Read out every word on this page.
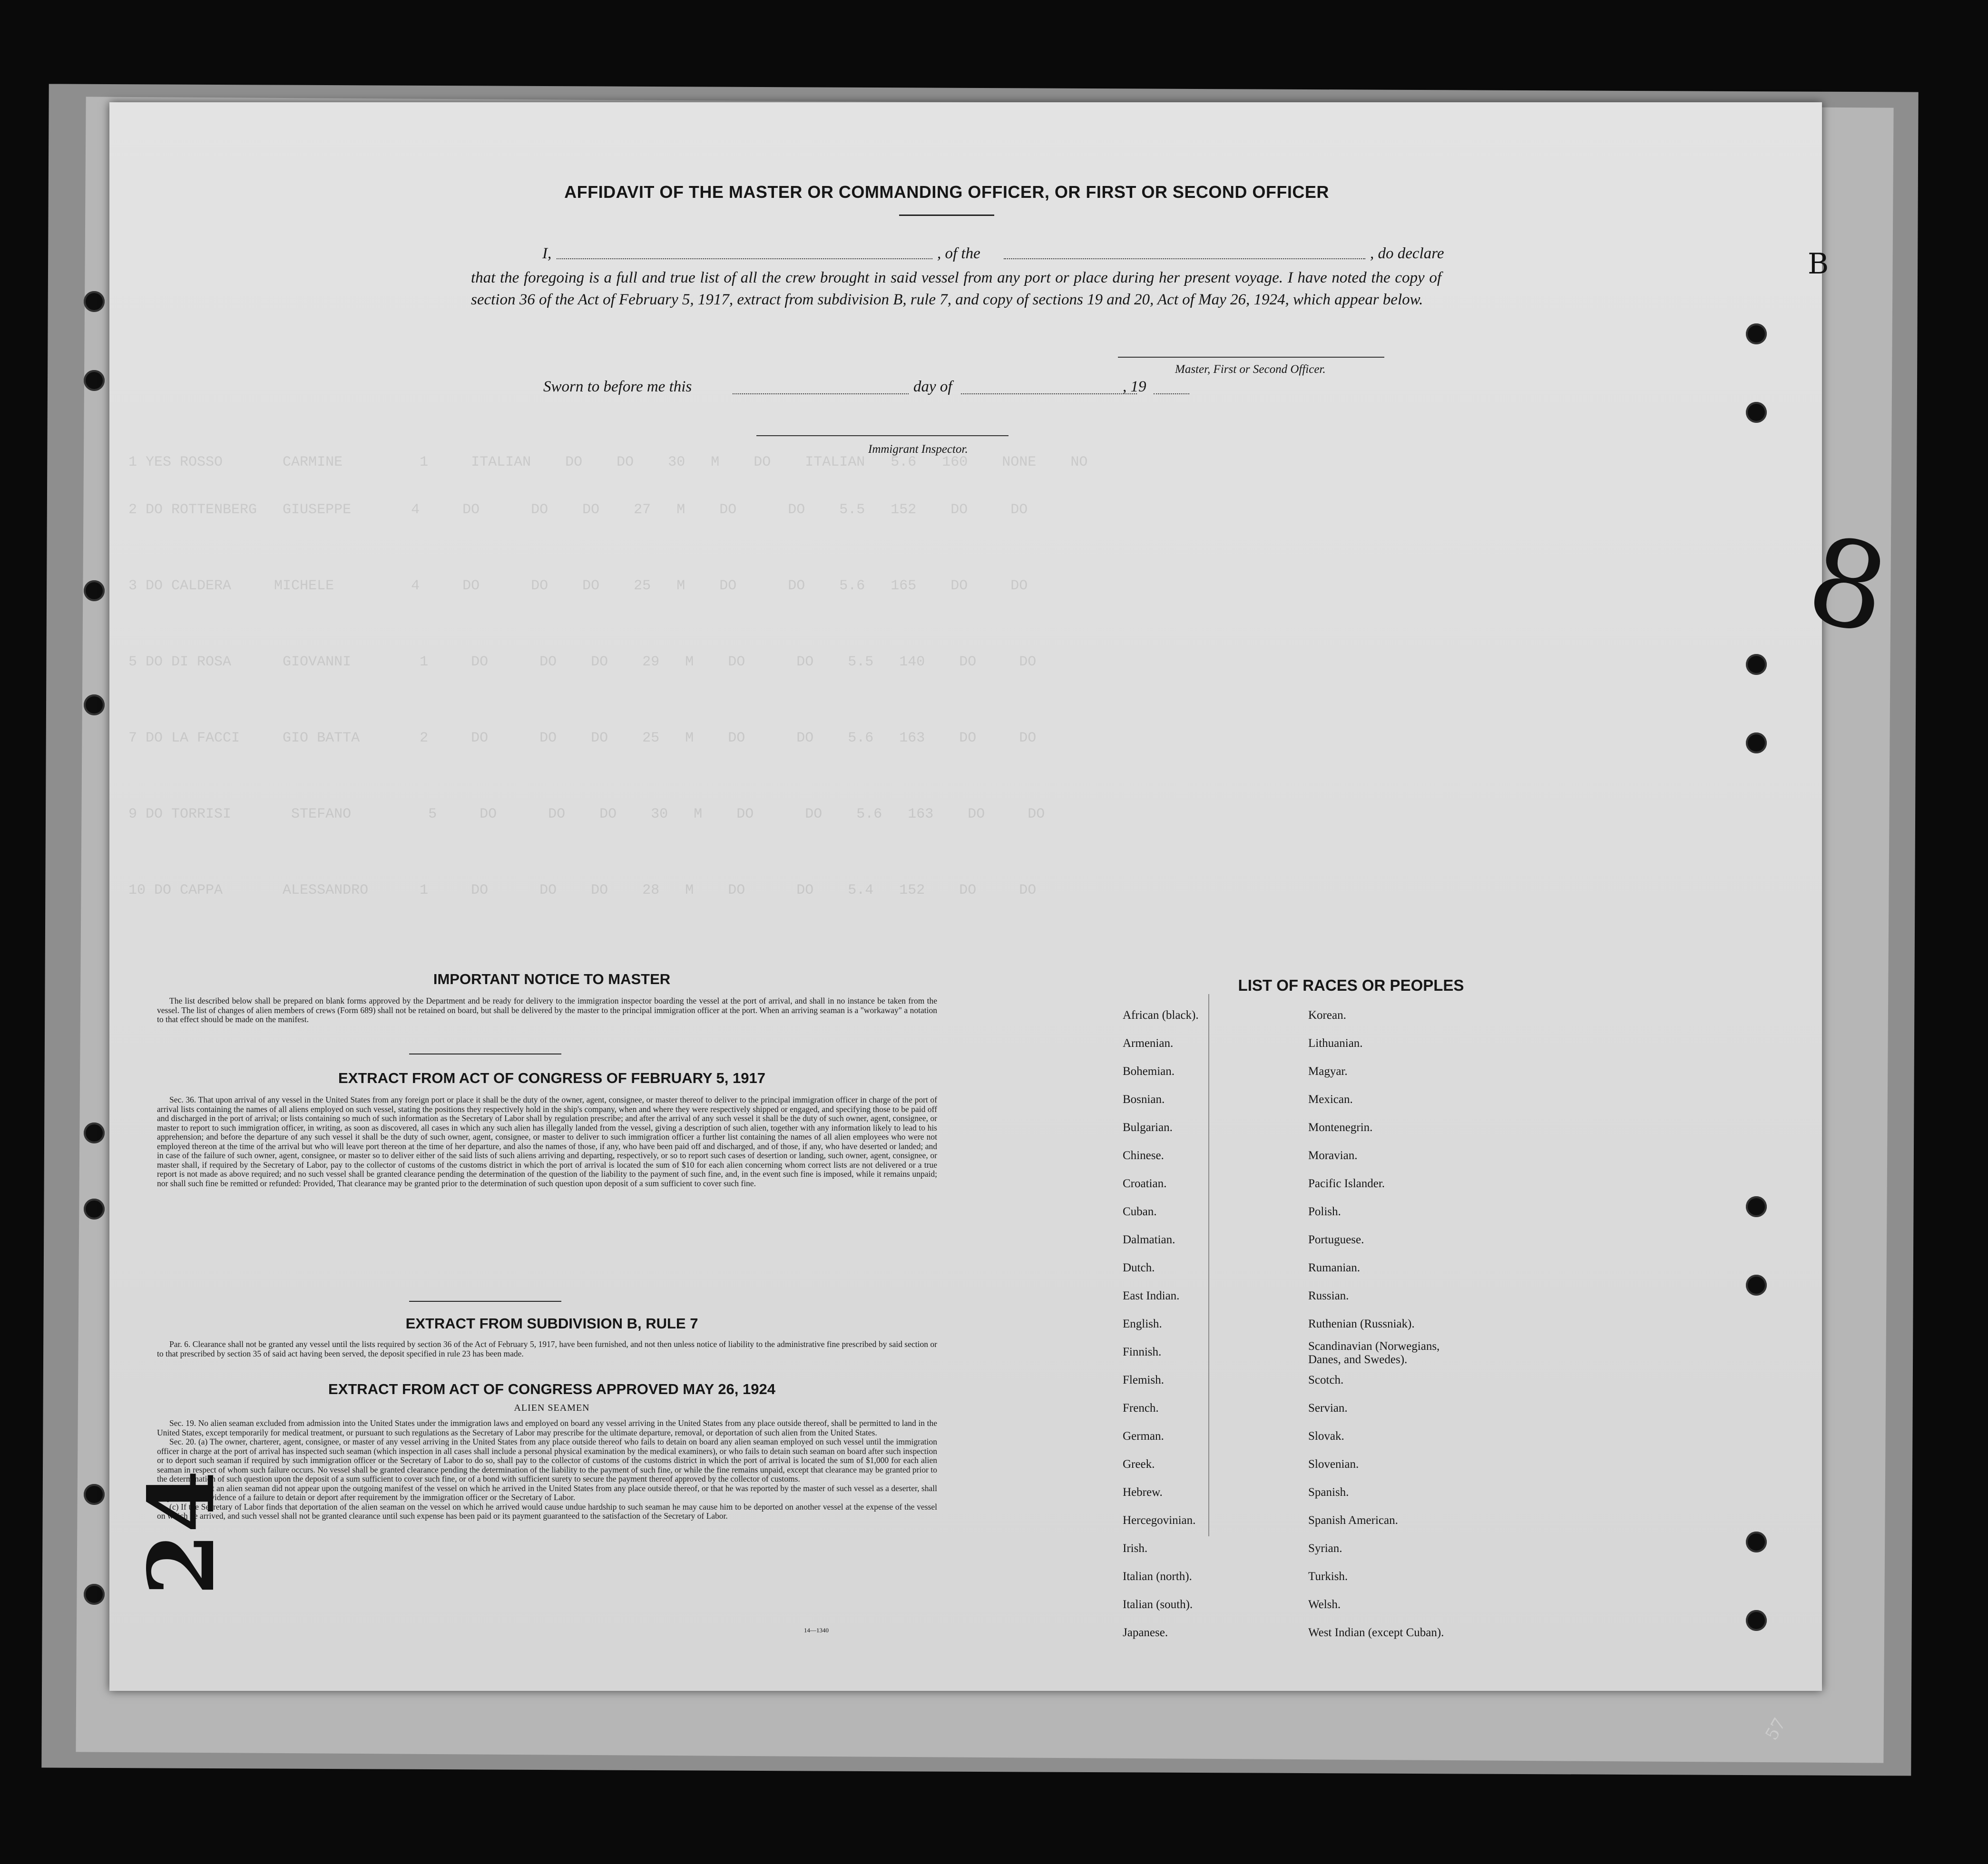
1 YES ROSSO       CARMINE         1     ITALIAN    DO    DO    30   M    DO    ITALIAN   5.6   160    NONE    NO
2 DO ROTTENBERG   GIUSEPPE       4     DO      DO    DO    27   M    DO      DO    5.5   152    DO     DO
3 DO CALDERA     MICHELE         4     DO      DO    DO    25   M    DO      DO    5.6   165    DO     DO
5 DO DI ROSA      GIOVANNI        1     DO      DO    DO    29   M    DO      DO    5.5   140    DO     DO
7 DO LA FACCI     GIO BATTA       2     DO      DO    DO    25   M    DO      DO    5.6   163    DO     DO
9 DO TORRISI       STEFANO         5     DO      DO    DO    30   M    DO      DO    5.6   163    DO     DO
10 DO CAPPA       ALESSANDRO      1     DO      DO    DO    28   M    DO      DO    5.4   152    DO     DO
AFFIDAVIT OF THE MASTER OR COMMANDING OFFICER, OR FIRST OR SECOND OFFICER
I,	, of the	, do declare
that the foregoing is a full and true list of all the crew brought in said vessel from any port or place during her present voyage. I have noted the copy of section 36 of the Act of February 5, 1917, extract from subdivision B, rule 7, and copy of sections 19 and 20, Act of May 26, 1924, which appear below.
Master, First or Second Officer.
Sworn to before me this	day of	, 19
Immigrant Inspector.
IMPORTANT NOTICE TO MASTER

The list described below shall be prepared on blank forms approved by the Department and be ready for delivery to the immigration inspector boarding the vessel at the port of arrival, and shall in no instance be taken from the vessel. The list of changes of alien members of crews (Form 689) shall not be retained on board, but shall be delivered by the master to the principal immigration officer at the port. When an arriving seaman is a "workaway" a notation to that effect should be made on the manifest.

EXTRACT FROM ACT OF CONGRESS OF FEBRUARY 5, 1917

Sec. 36. That upon arrival of any vessel in the United States from any foreign port or place it shall be the duty of the owner, agent, consignee, or master thereof to deliver to the principal immigration officer in charge of the port of arrival lists containing the names of all aliens employed on such vessel, stating the positions they respectively hold in the ship's company, when and where they were respectively shipped or engaged, and specifying those to be paid off and discharged in the port of arrival; or lists containing so much of such information as the Secretary of Labor shall by regulation prescribe; and after the arrival of any such vessel it shall be the duty of such owner, agent, consignee, or master to report to such immigration officer, in writing, as soon as discovered, all cases in which any such alien has illegally landed from the vessel, giving a description of such alien, together with any information likely to lead to his apprehension; and before the departure of any such vessel it shall be the duty of such owner, agent, consignee, or master to deliver to such immigration officer a further list containing the names of all alien employees who were not employed thereon at the time of the arrival but who will leave port thereon at the time of her departure, and also the names of those, if any, who have been paid off and discharged, and of those, if any, who have deserted or landed; and in case of the failure of such owner, agent, consignee, or master so to deliver either of the said lists of such aliens arriving and departing, respectively, or so to report such cases of desertion or landing, such owner, agent, consignee, or master shall, if required by the Secretary of Labor, pay to the collector of customs of the customs district in which the port of arrival is located the sum of $10 for each alien concerning whom correct lists are not delivered or a true report is not made as above required; and no such vessel shall be granted clearance pending the determination of the question of the liability to the payment of such fine, and, in the event such fine is imposed, while it remains unpaid; nor shall such fine be remitted or refunded: Provided, That clearance may be granted prior to the determination of such question upon deposit of a sum sufficient to cover such fine.

EXTRACT FROM SUBDIVISION B, RULE 7

Par. 6. Clearance shall not be granted any vessel until the lists required by section 36 of the Act of February 5, 1917, have been furnished, and not then unless notice of liability to the administrative fine prescribed by said section or to that prescribed by section 35 of said act having been served, the deposit specified in rule 23 has been made.

EXTRACT FROM ACT OF CONGRESS APPROVED MAY 26, 1924
ALIEN SEAMEN

Sec. 19. No alien seaman excluded from admission into the United States under the immigration laws and employed on board any vessel arriving in the United States from any place outside thereof, shall be permitted to land in the United States, except temporarily for medical treatment, or pursuant to such regulations as the Secretary of Labor may prescribe for the ultimate departure, removal, or deportation of such alien from the United States.

Sec. 20. (a) The owner, charterer, agent, consignee, or master of any vessel arriving in the United States from any place outside thereof who fails to detain on board any alien seaman employed on such vessel until the immigration officer in charge at the port of arrival has inspected such seaman (which inspection in all cases shall include a personal physical examination by the medical examiners), or who fails to detain such seaman on board after such inspection or to deport such seaman if required by such immigration officer or the Secretary of Labor to do so, shall pay to the collector of customs of the customs district in which the port of arrival is located the sum of $1,000 for each alien seaman in respect of whom such failure occurs. No vessel shall be granted clearance pending the determination of the liability to the payment of such fine, or while the fine remains unpaid, except that clearance may be granted prior to the determination of such question upon the deposit of a sum sufficient to cover such fine, or of a bond with sufficient surety to secure the payment thereof approved by the collector of customs.

(b) Proof that an alien seaman did not appear upon the outgoing manifest of the vessel on which he arrived in the United States from any place outside thereof, or that he was reported by the master of such vessel as a deserter, shall be prima facie evidence of a failure to detain or deport after requirement by the immigration officer or the Secretary of Labor.

(c) If the Secretary of Labor finds that deportation of the alien seaman on the vessel on which he arrived would cause undue hardship to such seaman he may cause him to be deported on another vessel at the expense of the vessel on which he arrived, and such vessel shall not be granted clearance until such expense has been paid or its payment guaranteed to the satisfaction of the Secretary of Labor.

14—1340
LIST OF RACES OR PEOPLES
African (black).
Armenian.
Bohemian.
Bosnian.
Bulgarian.
Chinese.
Croatian.
Cuban.
Dalmatian.
Dutch.
East Indian.
English.
Finnish.
Flemish.
French.
German.
Greek.
Hebrew.
Hercegovinian.
Irish.
Italian (north).
Italian (south).
Japanese.
Korean.
Lithuanian.
Magyar.
Mexican.
Montenegrin.
Moravian.
Pacific Islander.
Polish.
Portuguese.
Rumanian.
Russian.
Ruthenian (Russniak).
Scandinavian (Norwegians, Danes, and Swedes).
Scotch.
Servian.
Slovak.
Slovenian.
Spanish.
Spanish American.
Syrian.
Turkish.
Welsh.
West Indian (except Cuban).
8
24
B
57
